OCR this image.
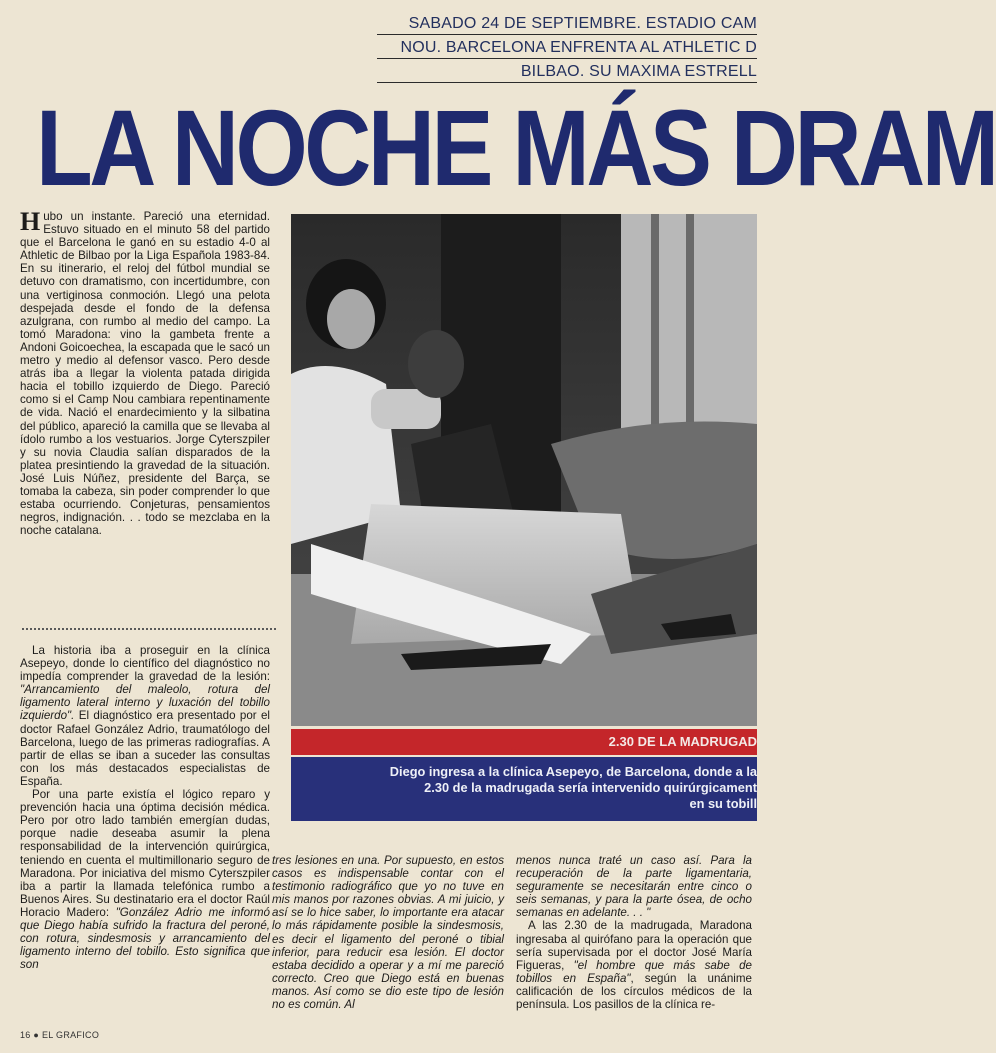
SABADO 24 DE SEPTIEMBRE. ESTADIO CAM
NOU. BARCELONA ENFRENTA AL ATHLETIC D
BILBAO. SU MAXIMA ESTRELL
LA NOCHE MÁS DRAM

Hubo un instante. Pareció una eternidad. Estuvo situado en el minuto 58 del partido que el Barcelona le ganó en su estadio 4-0 al Athletic de Bilbao por la Liga Española 1983-84. En su itinerario, el reloj del fútbol mundial se detuvo con dramatismo, con incertidumbre, con una vertiginosa conmoción. Llegó una pelota despejada desde el fondo de la defensa azulgrana, con rumbo al medio del campo. La tomó Maradona: vino la gambeta frente a Andoni Goicoechea, la escapada que le sacó un metro y medio al defensor vasco. Pero desde atrás iba a llegar la violenta patada dirigida hacia el tobillo izquierdo de Diego. Pareció como si el Camp Nou cambiara repentinamente de vida. Nació el enardecimiento y la silbatina del público, apareció la camilla que se llevaba al ídolo rumbo a los vestuarios. Jorge Cyterszpiler y su novia Claudia salían disparados de la platea presintiendo la gravedad de la situación. José Luis Núñez, presidente del Barça, se tomaba la cabeza, sin poder comprender lo que estaba ocurriendo. Conjeturas, pensamientos negros, indignación. . . todo se mezclaba en la noche catalana.

La historia iba a proseguir en la clínica Asepeyo, donde lo científico del diagnóstico no impedía comprender la gravedad de la lesión: "Arrancamiento del maleolo, rotura del ligamento lateral interno y luxación del tobillo izquierdo". El diagnóstico era presentado por el doctor Rafael González Adrio, traumatólogo del Barcelona, luego de las primeras radiografías. A partir de ellas se iban a suceder las consultas con los más destacados especialistas de España.

Por una parte existía el lógico reparo y prevención hacia una óptima decisión médica. Pero por otro lado también emergían dudas, porque nadie deseaba asumir la plena responsabilidad de la intervención quirúrgica, teniendo en cuenta el multimillonario seguro de Maradona. Por iniciativa del mismo Cyterszpiler iba a partir la llamada telefónica rumbo a Buenos Aires. Su destinatario era el doctor Raúl Horacio Madero: "González Adrio me informó que Diego había sufrido la fractura del peroné, con rotura, sindesmosis y arrancamiento del ligamento interno del tobillo. Esto significa que son

2.30 DE LA MADRUGAD
Diego ingresa a la clínica Asepeyo, de Barcelona, donde a la
2.30 de la madrugada sería intervenido quirúrgicament
en su tobill
tres lesiones en una. Por supuesto, en estos casos es indispensable contar con el testimonio radiográfico que yo no tuve en mis manos por razones obvias. A mi juicio, y así se lo hice saber, lo importante era atacar lo más rápidamente posible la sindesmosis, es decir el ligamento del peroné o tibial inferior, para reducir esa lesión. El doctor estaba decidido a operar y a mí me pareció correcto. Creo que Diego está en buenas manos. Así como se dio este tipo de lesión no es común. Al

menos nunca traté un caso así. Para la recuperación de la parte ligamentaria, seguramente se necesitarán entre cinco o seis semanas, y para la parte ósea, de ocho semanas en adelante. . . "

A las 2.30 de la madrugada, Maradona ingresaba al quirófano para la operación que sería supervisada por el doctor José María Figueras, "el hombre que más sabe de tobillos en España", según la unánime calificación de los círculos médicos de la península. Los pasillos de la clínica re-

16 ● EL GRAFICO
